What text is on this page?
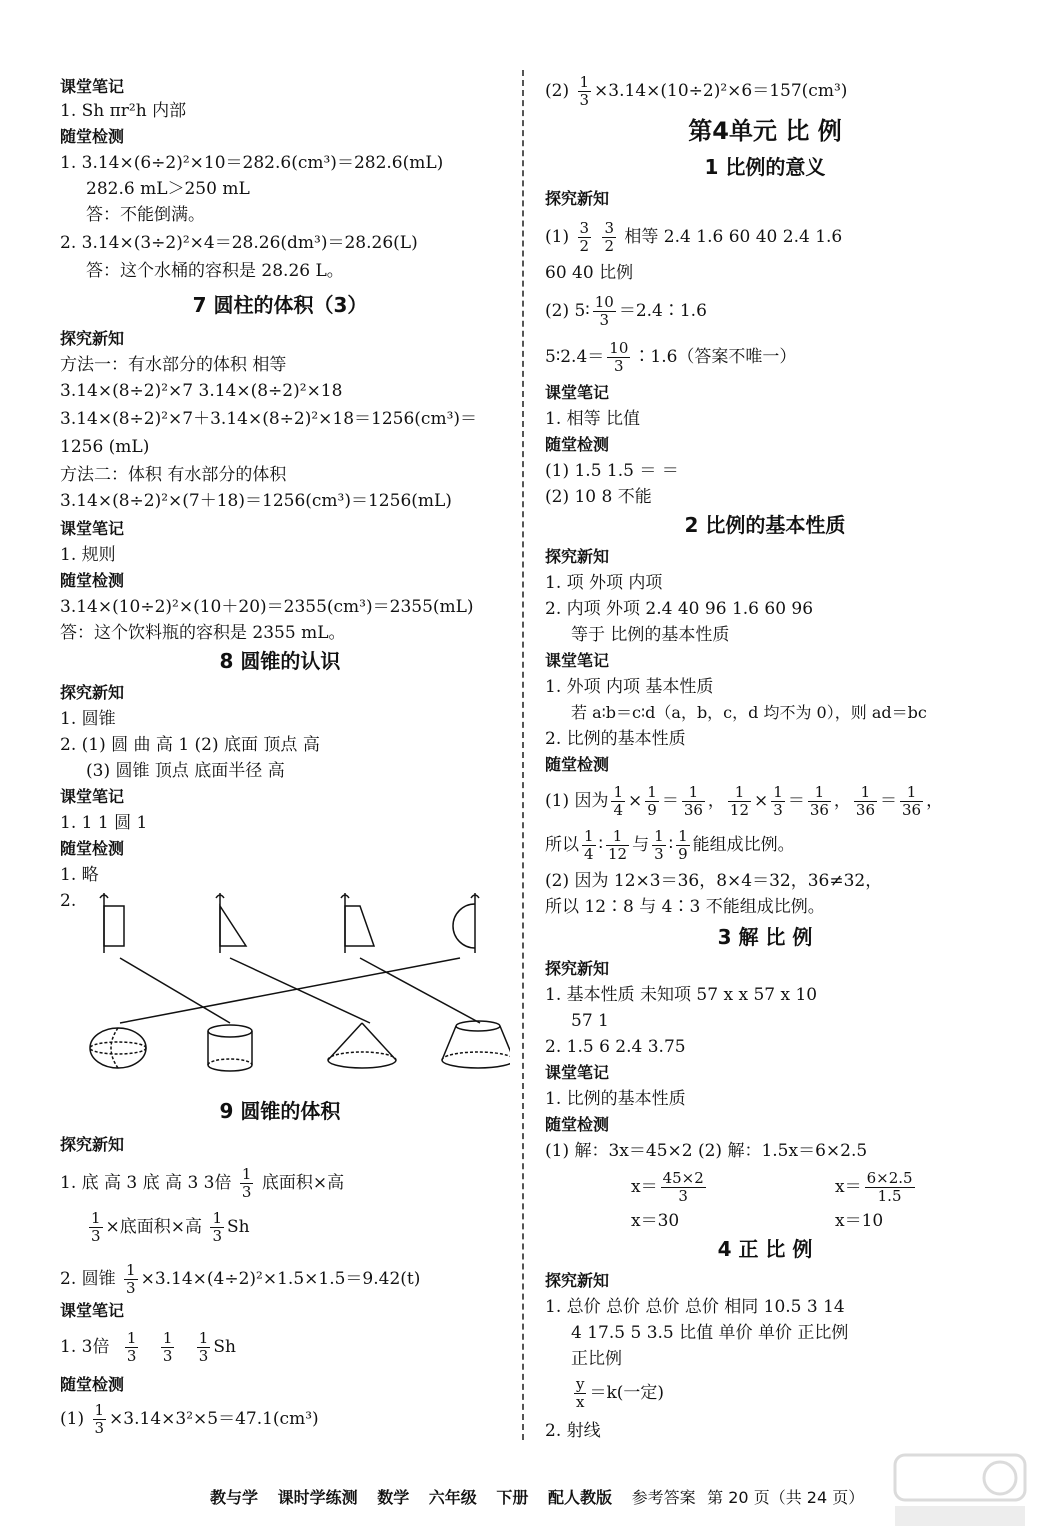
课堂笔记
1. Sh πr²h 内部
随堂检测
1. 3.14×(6÷2)²×10＝282.6(cm³)＝282.6(mL)
282.6 mL＞250 mL
答：不能倒满。
2. 3.14×(3÷2)²×4＝28.26(dm³)＝28.26(L)
答：这个水桶的容积是 28.26 L。
7 圆柱的体积（3）
探究新知
方法一：有水部分的体积 相等
3.14×(8÷2)²×7 3.14×(8÷2)²×18
3.14×(8÷2)²×7＋3.14×(8÷2)²×18＝1256(cm³)＝
1256 (mL)
方法二：体积 有水部分的体积
3.14×(8÷2)²×(7＋18)＝1256(cm³)＝1256(mL)
课堂笔记
1. 规则
随堂检测
3.14×(10÷2)²×(10＋20)＝2355(cm³)＝2355(mL)
答：这个饮料瓶的容积是 2355 mL。
8 圆锥的认识
探究新知
1. 圆锥
2. (1) 圆 曲 高 1 (2) 底面 顶点 高
(3) 圆锥 顶点 底面半径 高
课堂笔记
1. 1 1 圆 1
随堂检测
1. 略
2.
9 圆锥的体积
探究新知
1. 底 高 3 底 高 3 3倍 $\frac{1}{3}$ 底面积×高
$\frac{1}{3}$ ×底面积×高 $\frac{1}{3}$ Sh
2. 圆锥 $\frac{1}{3} \times 3.14\times(4\div 2)^2\times 1.5\times 1.5=9.42(t)$
课堂笔记
1. 3倍 $\frac{1}{3}$
$\frac{1}{3}$
$\frac{1}{3}$ Sh
随堂检测
$(1) \frac{1}{3} \times 3.14\times 3^2\times 5=47.1(cm^3)$
$(2) \frac{1}{3} \times 3.14\times(10\div 2)^2\times 6=157(cm^3)$
第4单元 比 例
1 比例的意义
探究新知
$(1) \frac{3}{2}$
$\frac{3}{2}$ 相等 2.4 1.6 60 40 2.4 1.6
60 40 比例
(2) 5∶ $\frac{10}{3}$ ＝2.4∶1.6
5∶2.4＝ $\frac{10}{3}$ ∶1.6（答案不唯一）
课堂笔记
1. 相等 比值
随堂检测
(1) 1.5 1.5 ＝ ＝
(2) 10 8 不能
2 比例的基本性质
探究新知
1. 项 外项 内项
2. 内项 外项 2.4 40 96 1.6 60 96
等于 比例的基本性质
课堂笔记
1. 外项 内项 基本性质
若 a∶b＝c∶d（a，b，c，d 均不为 0），则 ad＝bc
2. 比例的基本性质
随堂检测
(1) 因为 $\frac{1}{4} \times \frac{1}{9} = \frac{1}{36}$ ， $\frac{1}{12} \times \frac{1}{3} = \frac{1}{36}$ ， $\frac{1}{36} = \frac{1}{36}$ ，
所以 $\frac{1}{4}$ ∶ $\frac{1}{12}$ 与 $\frac{1}{3}$ ∶ $\frac{1}{9}$ 能组成比例。
(2) 因为 12×3＝36，8×4＝32，36≠32，
所以 12∶8 与 4∶3 不能组成比例。
3 解 比 例
探究新知
1. 基本性质 未知项 57 x x 57 x 10
57 1
2. 1.5 6 2.4 3.75
课堂笔记
1. 比例的基本性质
随堂检测
(1) 解：3x＝45×2 (2) 解：1.5x＝6×2.5
$x= \frac{45\times 2}{3}$	$x= \frac{6\times 2.5}{1.5}$
x＝30	x＝10
4 正 比 例
探究新知
1. 总价 总价 总价 总价 相同 10.5 3 14
4 17.5 5 3.5 比值 单价 单价 正比例
正比例
$\frac{y}{x} =k$(一定)
2. 射线
教与学 课时学练测 数学 六年级 下册 配人教版 参考答案 第 20 页（共 24 页）
